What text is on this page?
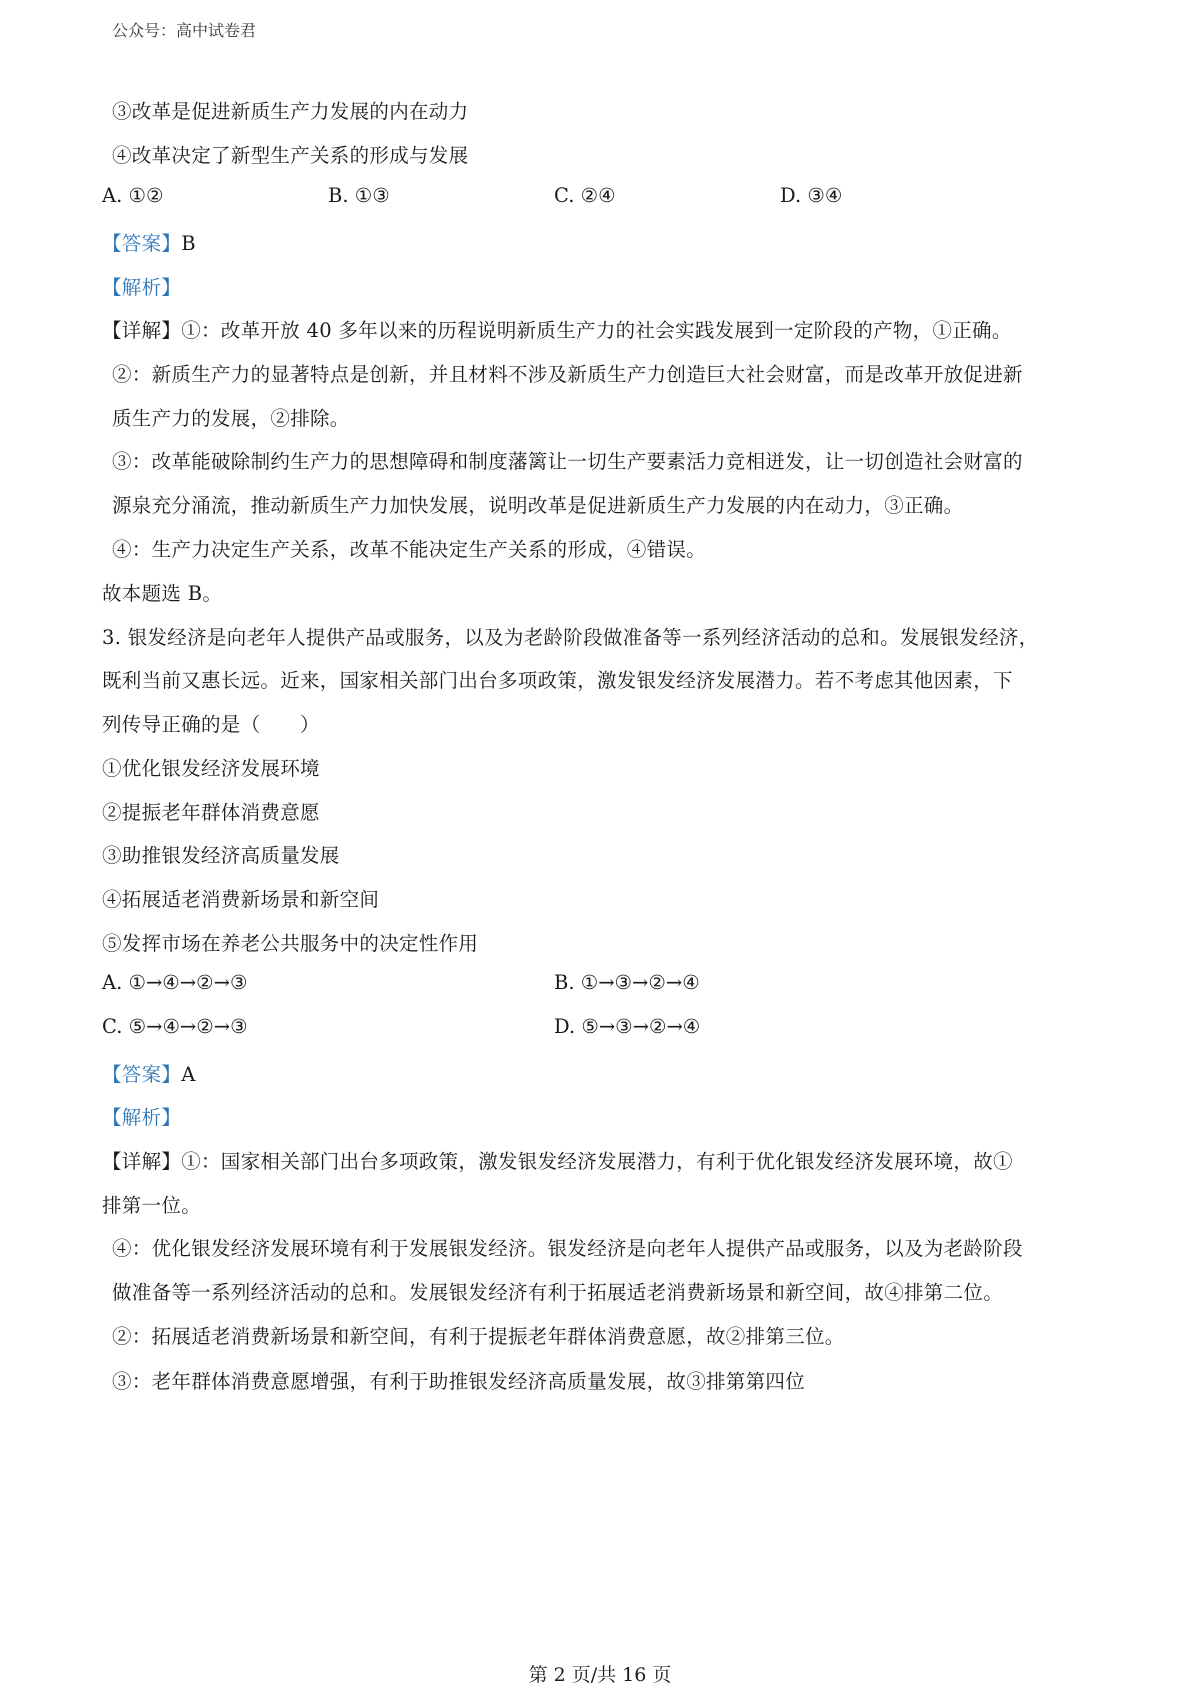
公众号：高中试卷君
③改革是促进新质生产力发展的内在动力
④改革决定了新型生产关系的形成与发展
A. ①②	B. ①③	C. ②④	D. ③④
【答案】B
【解析】
【详解】①：改革开放 40 多年以来的历程说明新质生产力的社会实践发展到一定阶段的产物，①正确。
②：新质生产力的显著特点是创新，并且材料不涉及新质生产力创造巨大社会财富，而是改革开放促进新
质生产力的发展，②排除。
③：改革能破除制约生产力的思想障碍和制度藩篱让一切生产要素活力竞相迸发，让一切创造社会财富的
源泉充分涌流，推动新质生产力加快发展，说明改革是促进新质生产力发展的内在动力，③正确。
④：生产力决定生产关系，改革不能决定生产关系的形成，④错误。
故本题选 B。
3. 银发经济是向老年人提供产品或服务，以及为老龄阶段做准备等一系列经济活动的总和。发展银发经济，
既利当前又惠长远。近来，国家相关部门出台多项政策，激发银发经济发展潜力。若不考虑其他因素，下
列传导正确的是（　　）
①优化银发经济发展环境
②提振老年群体消费意愿
③助推银发经济高质量发展
④拓展适老消费新场景和新空间
⑤发挥市场在养老公共服务中的决定性作用
A. ①→④→②→③	B. ①→③→②→④
C. ⑤→④→②→③	D. ⑤→③→②→④
【答案】A
【解析】
【详解】①：国家相关部门出台多项政策，激发银发经济发展潜力，有利于优化银发经济发展环境，故①
排第一位。
④：优化银发经济发展环境有利于发展银发经济。银发经济是向老年人提供产品或服务，以及为老龄阶段
做准备等一系列经济活动的总和。发展银发经济有利于拓展适老消费新场景和新空间，故④排第二位。
②：拓展适老消费新场景和新空间，有利于提振老年群体消费意愿，故②排第三位。
③：老年群体消费意愿增强，有利于助推银发经济高质量发展，故③排第第四位
第 2 页/共 16 页
